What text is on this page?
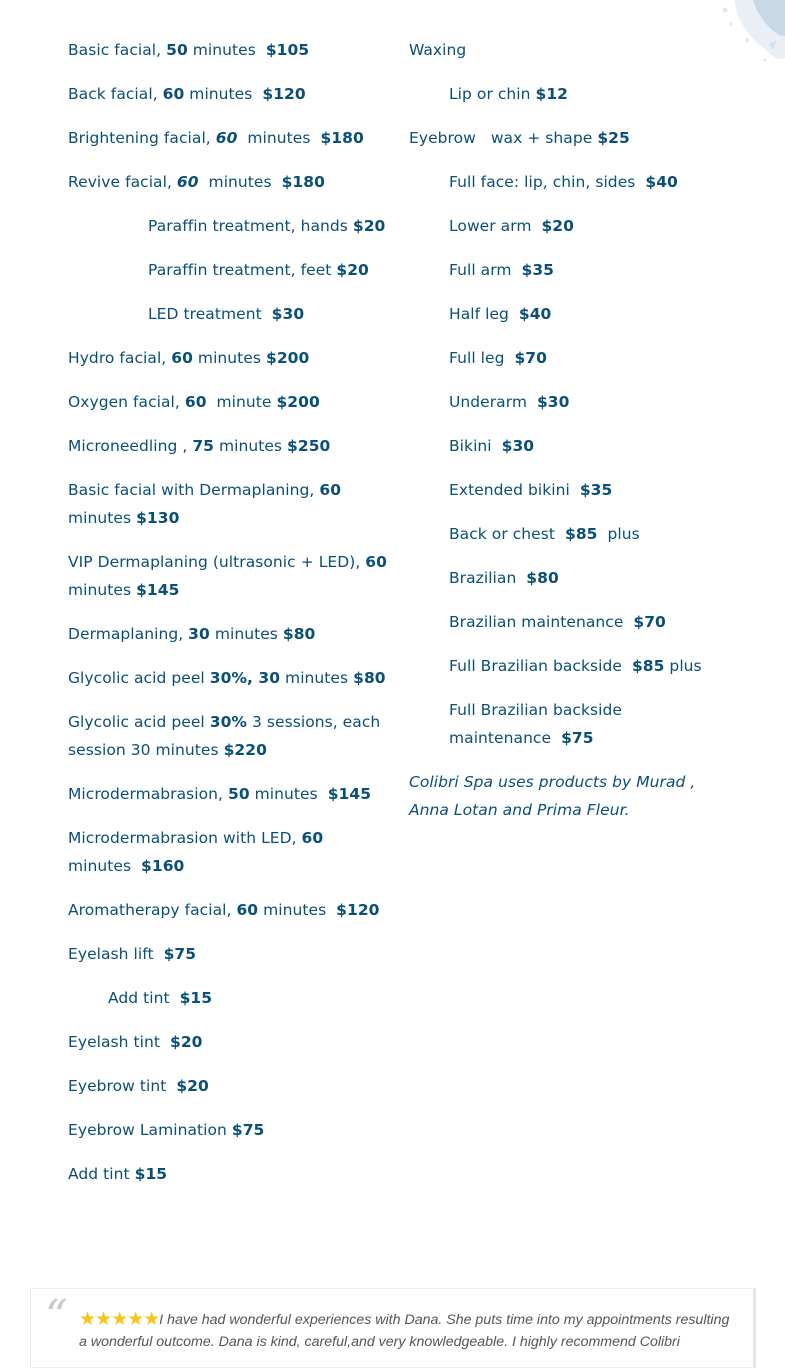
Basic facial, 50 minutes  $105
Back facial, 60 minutes  $120
Brightening facial, 60  minutes  $180
Revive facial, 60  minutes  $180
Paraffin treatment, hands $20
Paraffin treatment, feet $20
LED treatment  $30
Hydro facial, 60 minutes $200
Oxygen facial, 60  minute $200
Microneedling , 75 minutes $250
Basic facial with Dermaplaning, 60 minutes $130
VIP Dermaplaning (ultrasonic + LED), 60 minutes $145
Dermaplaning, 30 minutes $80
Glycolic acid peel 30%, 30 minutes $80
Glycolic acid peel 30% 3 sessions, each session 30 minutes $220
Microdermabrasion, 50 minutes  $145
Microdermabrasion with LED, 60 minutes  $160
Aromatherapy facial, 60 minutes  $120
Eyelash lift  $75
Add tint  $15
Eyelash tint  $20
Eyebrow tint  $20
Eyebrow Lamination $75
Add tint $15
Waxing
Lip or chin $12
Eyebrow   wax + shape $25
Full face: lip, chin, sides  $40
Lower arm  $20
Full arm  $35
Half leg  $40
Full leg  $70
Underarm  $30
Bikini  $30
Extended bikini  $35
Back or chest  $85  plus
Brazilian  $80
Brazilian maintenance  $70
Full Brazilian backside  $85 plus
Full Brazilian backside maintenance  $75
Colibri Spa uses products by Murad , Anna Lotan and Prima Fleur.
“ ★★★★★I have had wonderful experiences with Dana. She puts time into my appointments resulting a wonderful outcome. Dana is kind, careful,and very knowledgeable. I highly recommend Colibri
